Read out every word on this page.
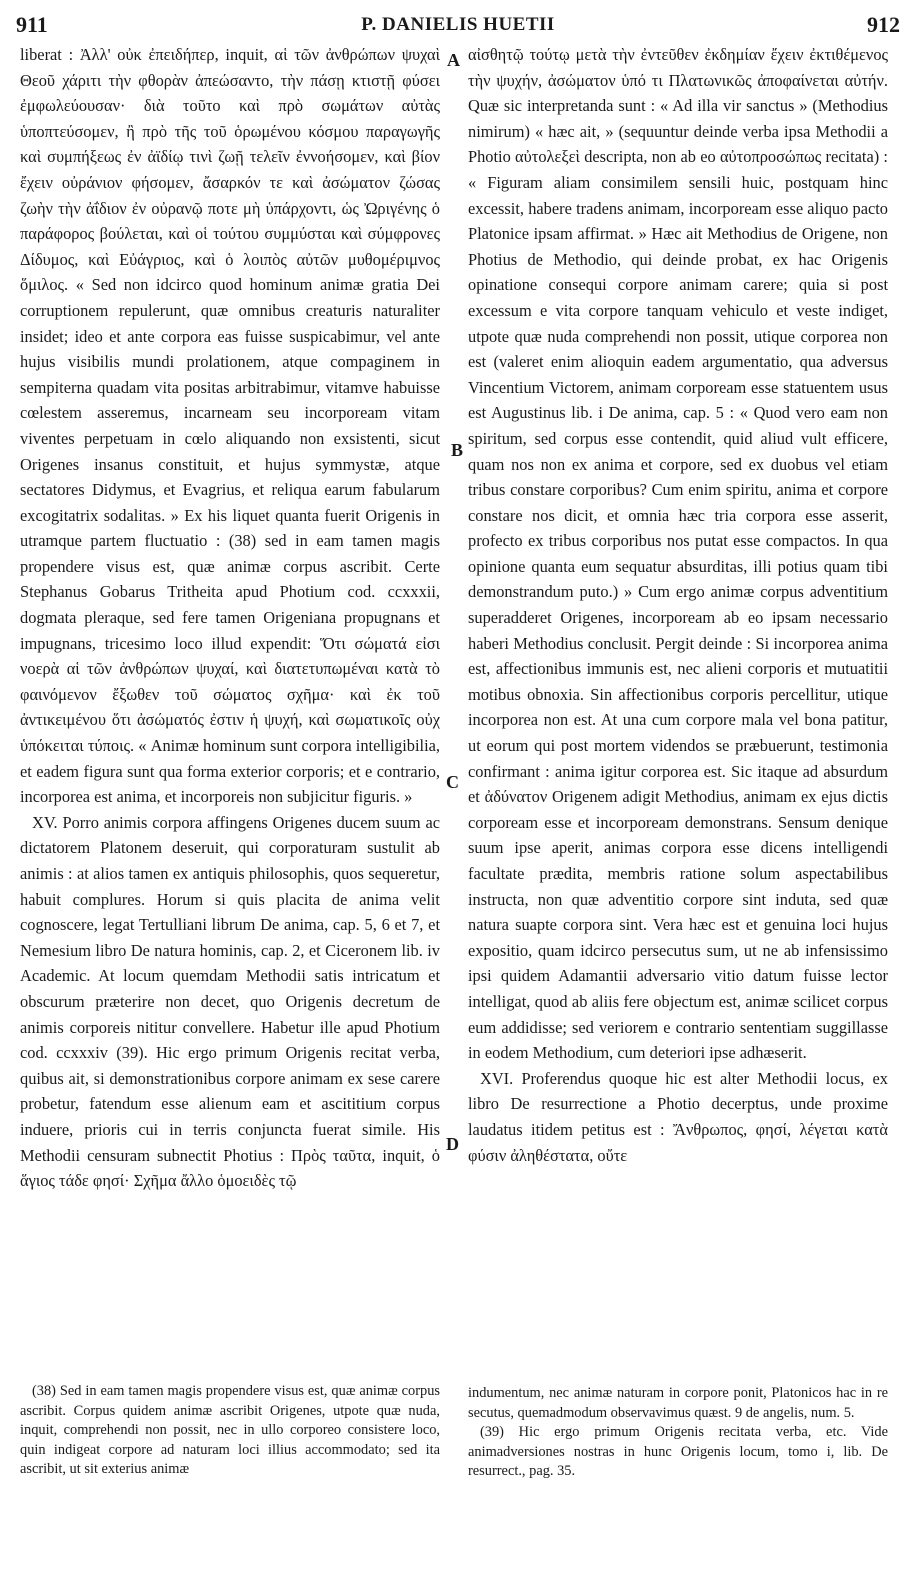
911	P. DANIELIS HUETII	912
A
B
C
D

liberat : Ἀλλ' οὐκ ἐπειδήπερ, inquit, αἱ τῶν ἀνθρώπων ψυχαὶ Θεοῦ χάριτι τὴν φθορὰν ἀπεώσαντο, τὴν πάσῃ κτιστῇ φύσει ἐμφωλεύουσαν· διὰ τοῦτο καὶ πρὸ σωμάτων αὐτὰς ὑποπτεύσομεν, ἢ πρὸ τῆς τοῦ ὁρωμένου κόσμου παραγωγῆς καὶ συμπήξεως ἐν ἀϊδίῳ τινὶ ζωῇ τελεῖν ἐννοήσομεν, καὶ βίον ἔχειν οὐράνιον φήσομεν, ἄσαρκόν τε καὶ ἀσώματον ζώσας ζωὴν τὴν ἀΐδιον ἐν οὐρανῷ ποτε μὴ ὑπάρχοντι, ὡς Ὠριγένης ὁ παράφορος βούλεται, καὶ οἱ τούτου συμμύσται καὶ σύμφρονες Δίδυμος, καὶ Εὐάγριος, καὶ ὁ λοιπὸς αὐτῶν μυθομέριμνος ὅμιλος. « Sed non idcirco quod hominum animæ gratia Dei corruptionem repulerunt, quæ omnibus creaturis naturaliter insidet; ideo et ante corpora eas fuisse suspicabimur, vel ante hujus visibilis mundi prolationem, atque compaginem in sempiterna quadam vita positas arbitrabimur, vitamve habuisse cœlestem asseremus, incarneam seu incorpoream vitam viventes perpetuam in cœlo aliquando non exsistenti, sicut Origenes insanus constituit, et hujus symmystæ, atque sectatores Didymus, et Evagrius, et reliqua earum fabularum excogitatrix sodalitas. » Ex his liquet quanta fuerit Origenis in utramque partem fluctuatio : (38) sed in eam tamen magis propendere visus est, quæ animæ corpus ascribit. Certe Stephanus Gobarus Tritheita apud Photium cod. ccxxxii, dogmata pleraque, sed fere tamen Origeniana propugnans et impugnans, tricesimo loco illud expendit: Ὅτι σώματά εἰσι νοερὰ αἱ τῶν ἀνθρώπων ψυχαί, καὶ διατετυπωμέναι κατὰ τὸ φαινόμενον ἔξωθεν τοῦ σώματος σχῆμα· καὶ ἐκ τοῦ ἀντικειμένου ὅτι ἀσώματός ἐστιν ἡ ψυχή, καὶ σωματικοῖς οὐχ ὑπόκειται τύποις. « Animæ hominum sunt corpora intelligibilia, et eadem figura sunt qua forma exterior corporis; et e contrario, incorporea est anima, et incorporeis non subjicitur figuris. »

XV. Porro animis corpora affingens Origenes ducem suum ac dictatorem Platonem deseruit, qui corporaturam sustulit ab animis : at alios tamen ex antiquis philosophis, quos sequeretur, habuit complures. Horum si quis placita de anima velit cognoscere, legat Tertulliani librum De anima, cap. 5, 6 et 7, et Nemesium libro De natura hominis, cap. 2, et Ciceronem lib. iv Academic. At locum quemdam Methodii satis intricatum et obscurum præterire non decet, quo Origenis decretum de animis corporeis nititur convellere. Habetur ille apud Photium cod. ccxxxiv (39). Hic ergo primum Origenis recitat verba, quibus ait, si demonstrationibus corpore animam ex sese carere probetur, fatendum esse alienum eam et ascititium corpus induere, prioris cui in terris conjuncta fuerat simile. His Methodii censuram subnectit Photius : Πρὸς ταῦτα, inquit, ὁ ἅγιος τάδε φησί· Σχῆμα ἄλλο ὁμοειδὲς τῷ

αἰσθητῷ τούτῳ μετὰ τὴν ἐντεῦθεν ἐκδημίαν ἔχειν ἐκτιθέμενος τὴν ψυχήν, ἀσώματον ὑπό τι Πλατωνικῶς ἀποφαίνεται αὐτήν. Quæ sic interpretanda sunt : « Ad illa vir sanctus » (Methodius nimirum) « hæc ait, » (sequuntur deinde verba ipsa Methodii a Photio αὐτολεξεὶ descripta, non ab eo αὐτοπροσώπως recitata) : « Figuram aliam consimilem sensili huic, postquam hinc excessit, habere tradens animam, incorpoream esse aliquo pacto Platonice ipsam affirmat. » Hæc ait Methodius de Origene, non Photius de Methodio, qui deinde probat, ex hac Origenis opinatione consequi corpore animam carere; quia si post excessum e vita corpore tanquam vehiculo et veste indiget, utpote quæ nuda comprehendi non possit, utique corporea non est (valeret enim alioquin eadem argumentatio, qua adversus Vincentium Victorem, animam corpoream esse statuentem usus est Augustinus lib. i De anima, cap. 5 : « Quod vero eam non spiritum, sed corpus esse contendit, quid aliud vult efficere, quam nos non ex anima et corpore, sed ex duobus vel etiam tribus constare corporibus? Cum enim spiritu, anima et corpore constare nos dicit, et omnia hæc tria corpora esse asserit, profecto ex tribus corporibus nos putat esse compactos. In qua opinione quanta eum sequatur absurditas, illi potius quam tibi demonstrandum puto.) » Cum ergo animæ corpus adventitium superadderet Origenes, incorpoream ab eo ipsam necessario haberi Methodius conclusit. Pergit deinde : Si incorporea anima est, affectionibus immunis est, nec alieni corporis et mutuatitii motibus obnoxia. Sin affectionibus corporis percellitur, utique incorporea non est. At una cum corpore mala vel bona patitur, ut eorum qui post mortem videndos se præbuerunt, testimonia confirmant : anima igitur corporea est. Sic itaque ad absurdum et ἀδύνατον Origenem adigit Methodius, animam ex ejus dictis corpoream esse et incorpoream demonstrans. Sensum denique suum ipse aperit, animas corpora esse dicens intelligendi facultate prædita, membris ratione solum aspectabilibus instructa, non quæ adventitio corpore sint induta, sed quæ natura suapte corpora sint. Vera hæc est et genuina loci hujus expositio, quam idcirco persecutus sum, ut ne ab infensissimo ipsi quidem Adamantii adversario vitio datum fuisse lector intelligat, quod ab aliis fere objectum est, animæ scilicet corpus eum addidisse; sed veriorem e contrario sententiam suggillasse in eodem Methodium, cum deteriori ipse adhæserit.

XVI. Proferendus quoque hic est alter Methodii locus, ex libro De resurrectione a Photio decerptus, unde proxime laudatus itidem petitus est : Ἄνθρωπος, φησί, λέγεται κατὰ φύσιν ἀληθέστατα, οὔτε

(38) Sed in eam tamen magis propendere visus est, quæ animæ corpus ascribit. Corpus quidem animæ ascribit Origenes, utpote quæ nuda, inquit, comprehendi non possit, nec in ullo corporeo consistere loco, quin indigeat corpore ad naturam loci illius accommodato; sed ita ascribit, ut sit exterius animæ

indumentum, nec animæ naturam in corpore ponit, Platonicos hac in re secutus, quemadmodum observavimus quæst. 9 de angelis, num. 5.

(39) Hic ergo primum Origenis recitata verba, etc. Vide animadversiones nostras in hunc Origenis locum, tomo i, lib. De resurrect., pag. 35.
